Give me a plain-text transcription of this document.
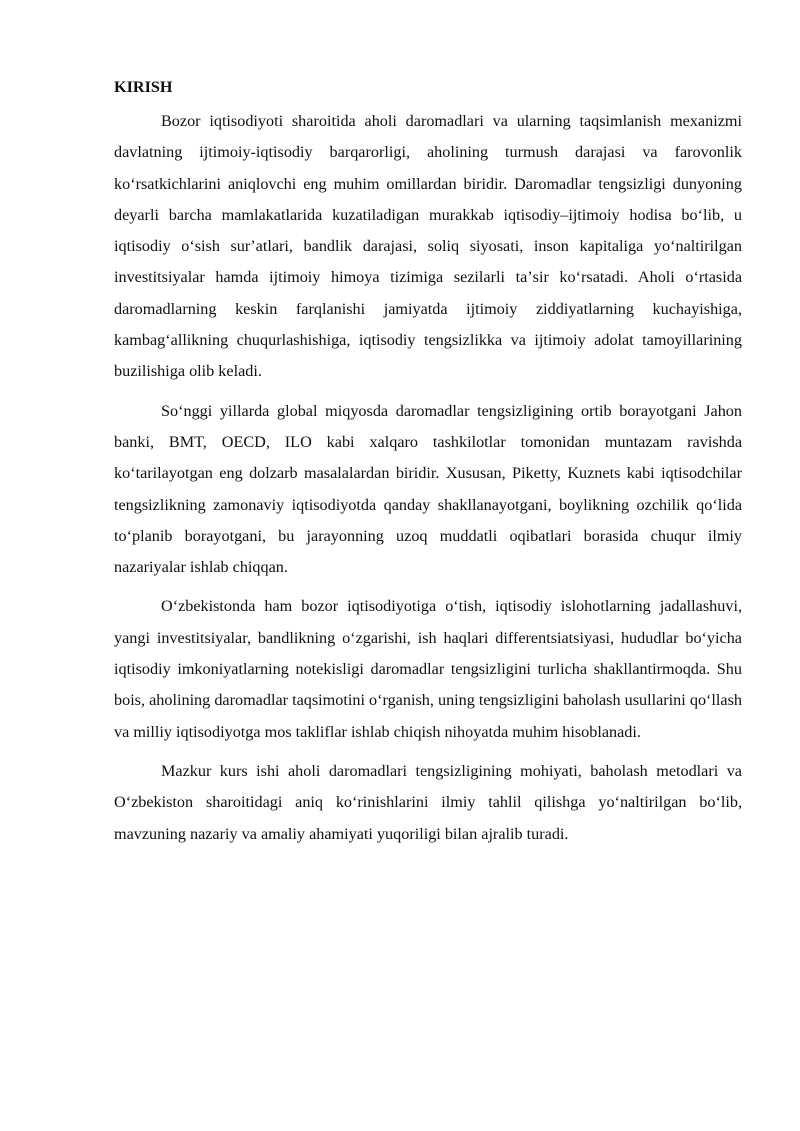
KIRISH

Bozor iqtisodiyoti sharoitida aholi daromadlari va ularning taqsimlanish mexanizmi davlatning ijtimoiy-iqtisodiy barqarorligi, aholining turmush darajasi va farovonlik koʻrsatkichlarini aniqlovchi eng muhim omillardan biridir. Daromadlar tengsizligi dunyoning deyarli barcha mamlakatlarida kuzatiladigan murakkab iqtisodiy–ijtimoiy hodisa boʻlib, u iqtisodiy oʻsish surʼatlari, bandlik darajasi, soliq siyosati, inson kapitaliga yoʻnaltirilgan investitsiyalar hamda ijtimoiy himoya tizimiga sezilarli taʼsir koʻrsatadi. Aholi oʻrtasida daromadlarning keskin farqlanishi jamiyatda ijtimoiy ziddiyatlarning kuchayishiga, kambagʻallikning chuqurlashishiga, iqtisodiy tengsizlikka va ijtimoiy adolat tamoyillarining buzilishiga olib keladi.

Soʻnggi yillarda global miqyosda daromadlar tengsizligining ortib borayotgani Jahon banki, BMT, OECD, ILO kabi xalqaro tashkilotlar tomonidan muntazam ravishda koʻtarilayotgan eng dolzarb masalalardan biridir. Xususan, Piketty, Kuznets kabi iqtisodchilar tengsizlikning zamonaviy iqtisodiyotda qanday shakllanayotgani, boylikning ozchilik qoʻlida toʻplanib borayotgani, bu jarayonning uzoq muddatli oqibatlari borasida chuqur ilmiy nazariyalar ishlab chiqqan.

Oʻzbekistonda ham bozor iqtisodiyotiga oʻtish, iqtisodiy islohotlarning jadallashuvi, yangi investitsiyalar, bandlikning oʻzgarishi, ish haqlari differentsiatsiyasi, hududlar boʻyicha iqtisodiy imkoniyatlarning notekisligi daromadlar tengsizligini turlicha shakllantirmoqda. Shu bois, aholining daromadlar taqsimotini oʻrganish, uning tengsizligini baholash usullarini qoʻllash va milliy iqtisodiyotga mos takliflar ishlab chiqish nihoyatda muhim hisoblanadi.

Mazkur kurs ishi aholi daromadlari tengsizligining mohiyati, baholash metodlari va Oʻzbekiston sharoitidagi aniq koʻrinishlarini ilmiy tahlil qilishga yoʻnaltirilgan boʻlib, mavzuning nazariy va amaliy ahamiyati yuqoriligi bilan ajralib turadi.
